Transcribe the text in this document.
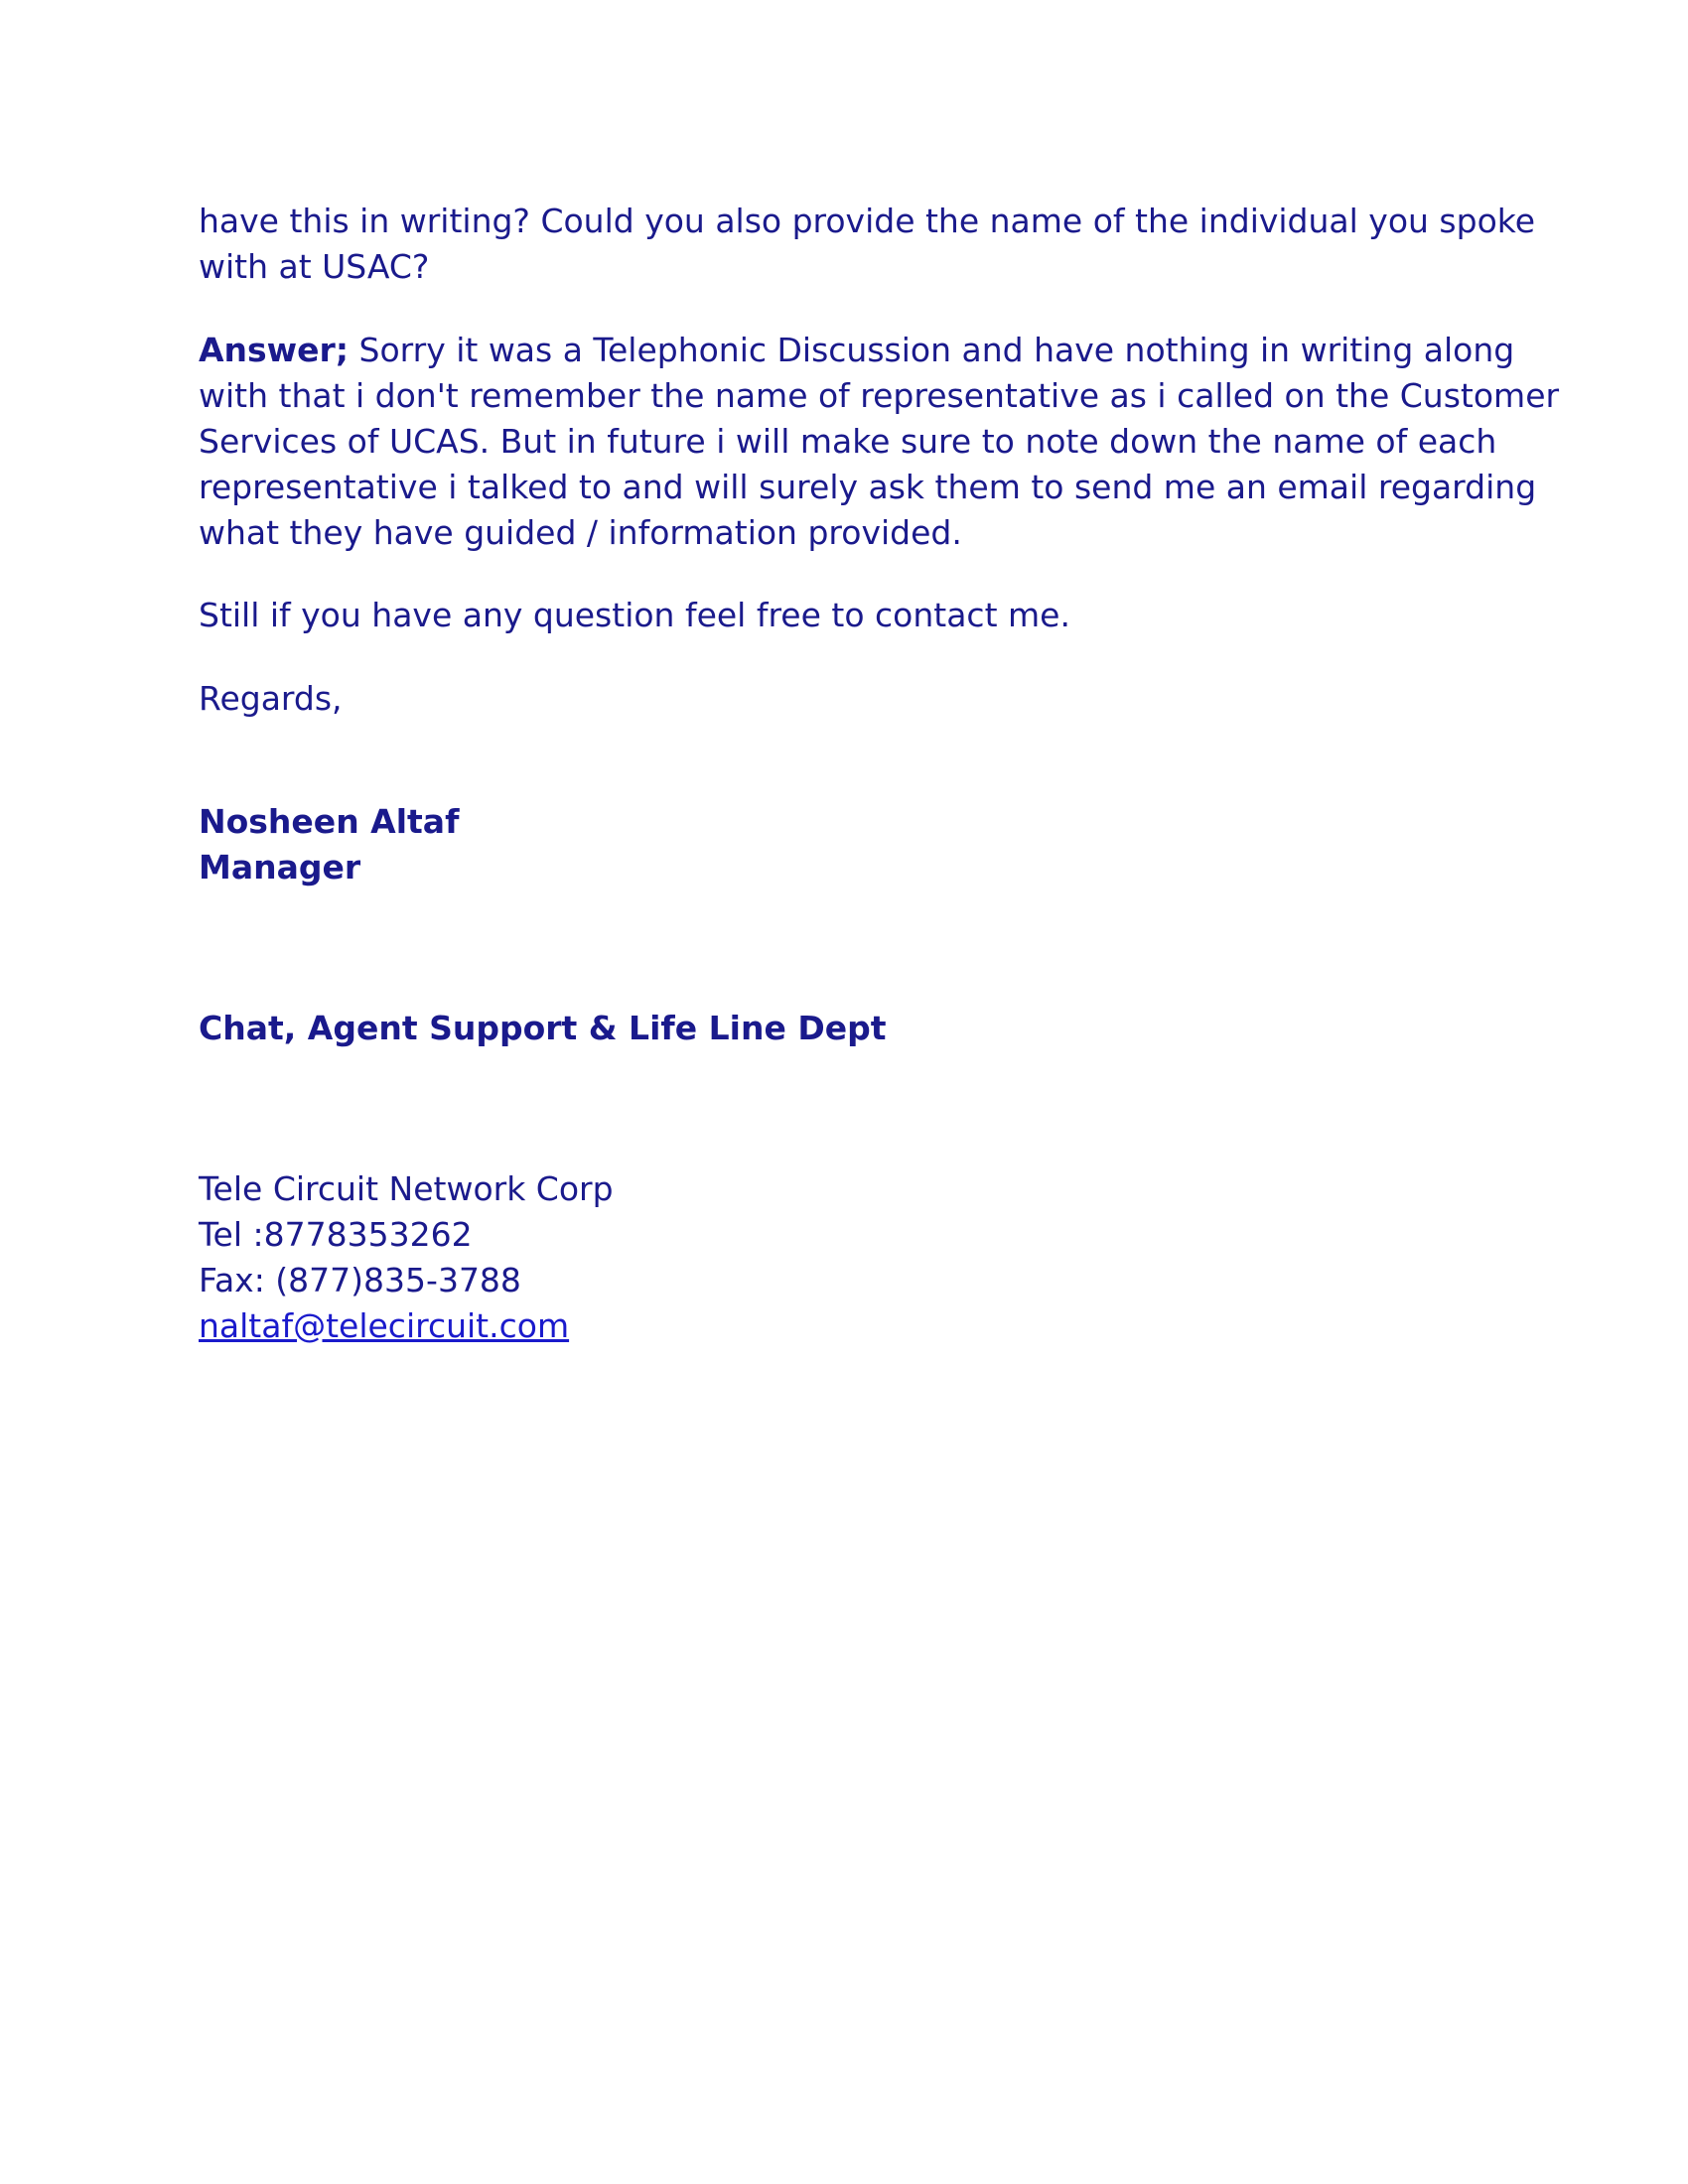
have this in writing? Could you also provide the name of the individual you spoke
with at USAC?
Answer; Sorry it was a Telephonic Discussion and have nothing in writing along
with that i don't remember the name of representative as i called on the Customer
Services of UCAS. But in future i will make sure to note down the name of each
representative i talked to and will surely ask them to send me an email regarding
what they have guided / information provided.
Still if you have any question feel free to contact me.
Regards,
Nosheen Altaf
Manager
Chat, Agent Support & Life Line Dept
Tele Circuit Network Corp
Tel :8778353262
Fax: (877)835-3788
naltaf@telecircuit.com
